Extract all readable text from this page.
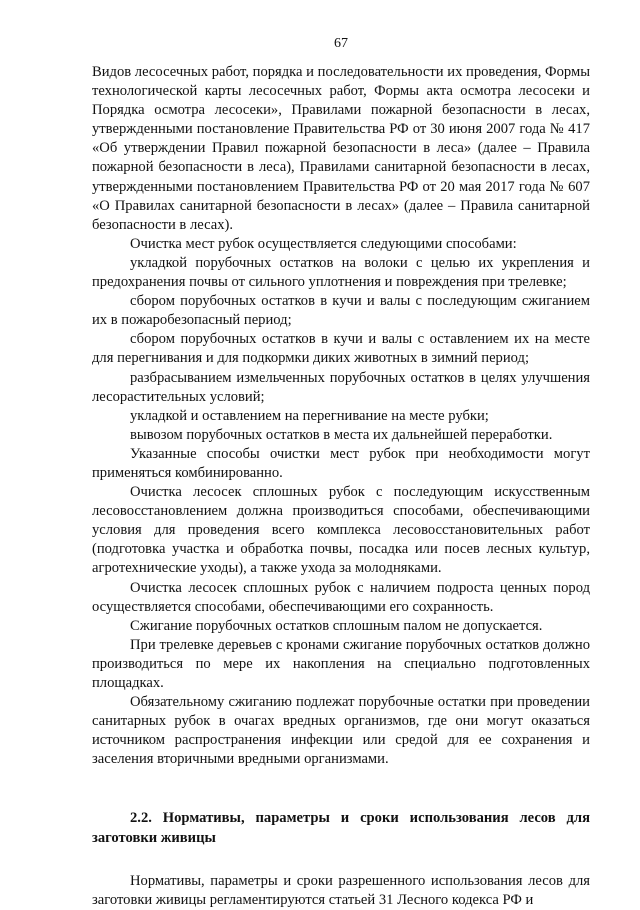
67

Видов лесосечных работ, порядка и последовательности их проведения, Формы технологической карты лесосечных работ, Формы акта осмотра лесосеки и Порядка осмотра лесосеки», Правилами пожарной безопасности в лесах, утвержденными постановление Правительства РФ от 30 июня 2007 года № 417 «Об утверждении Правил пожарной безопасности в леса» (далее – Правила пожарной безопасности в леса), Правилами санитарной безопасности в лесах, утвержденными постановлением Правительства РФ от 20 мая 2017 года № 607 «О Правилах санитарной безопасности в лесах» (далее – Правила санитарной безопасности в лесах).

Очистка мест рубок осуществляется следующими способами:

укладкой порубочных остатков на волоки с целью их укрепления и предохранения почвы от сильного уплотнения и повреждения при трелевке;

сбором порубочных остатков в кучи и валы с последующим сжиганием их в пожаробезопасный период;

сбором порубочных остатков в кучи и валы с оставлением их на месте для перегнивания и для подкормки диких животных в зимний период;

разбрасыванием измельченных порубочных остатков в целях улучшения лесорастительных условий;

укладкой и оставлением на перегнивание на месте рубки;

вывозом порубочных остатков в места их дальнейшей переработки.

Указанные способы очистки мест рубок при необходимости могут применяться комбинированно.

Очистка лесосек сплошных рубок с последующим искусственным лесовосстановлением должна производиться способами, обеспечивающими условия для проведения всего комплекса лесовосстановительных работ (подготовка участка и обработка почвы, посадка или посев лесных культур, агротехнические уходы), а также ухода за молодняками.

Очистка лесосек сплошных рубок с наличием подроста ценных пород осуществляется способами, обеспечивающими его сохранность.

Сжигание порубочных остатков сплошным палом не допускается.

При трелевке деревьев с кронами сжигание порубочных остатков должно производиться по мере их накопления на специально подготовленных площадках.

Обязательному сжиганию подлежат порубочные остатки при проведении санитарных рубок в очагах вредных организмов, где они могут оказаться источником распространения инфекции или средой для ее сохранения и заселения вторичными вредными организмами.

2.2. Нормативы, параметры и сроки использования лесов для заготовки живицы

Нормативы, параметры и сроки разрешенного использования лесов для заготовки живицы регламентируются статьей 31 Лесного кодекса РФ и
